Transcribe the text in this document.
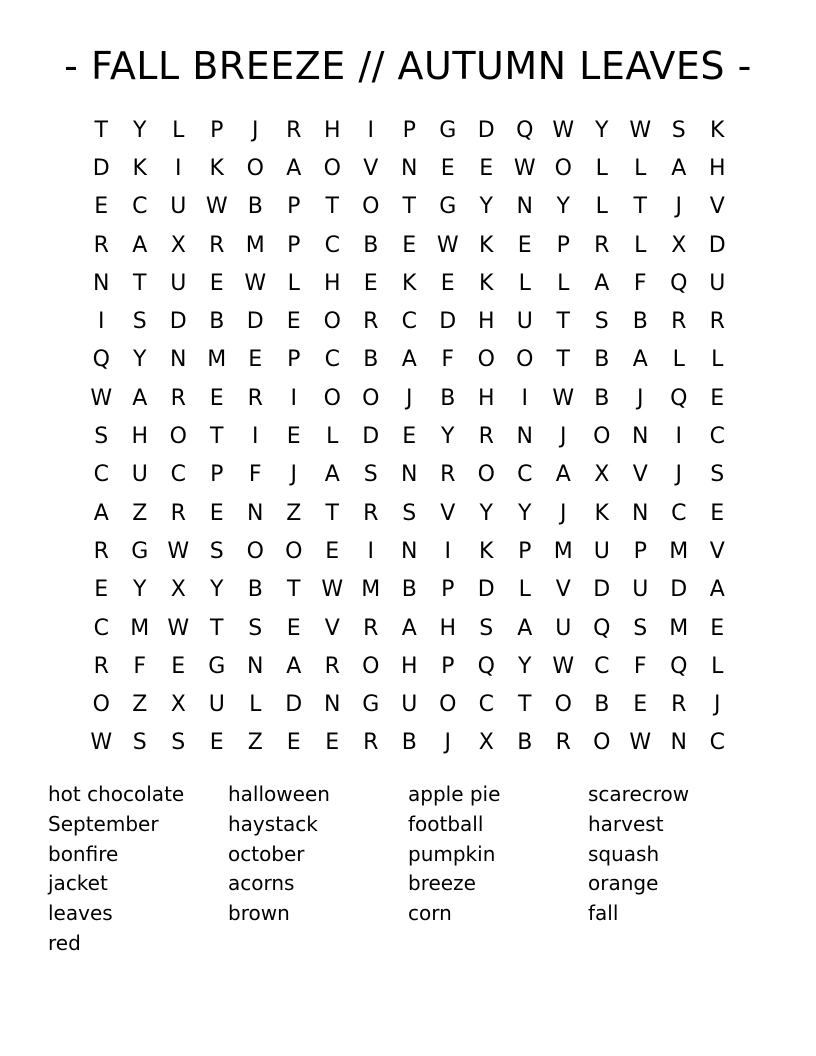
- FALL BREEZE // AUTUMN LEAVES -
T	Y	L	P	J	R	H	I	P	G D Q W Y W S	K
D	K	I	K	O	A	O	V	N	E	E W O	L	L	A	H
E	C	U W B	P	T	O	T	G	Y	N	Y	L	T	J	V
R	A	X	R M	P	C	B	E W K	E	P	R	L	X	D
N	T	U	E W L	H	E	K	E	K	L	L	A	F	Q U
I	S	D	B	D	E	O	R	C	D H	U	T	S	B	R	R
Q	Y	N M	E	P	C	B	A	F	O O	T	B	A	L	L
W A	R	E	R	I	O O	J	B	H	I	W B	J	Q	E
S	H O	T	I	E	L	D	E	Y	R	N	J	O N	I	C
C	U	C	P	F	J	A	S	N	R	O	C	A	X	V	J	S
A	Z	R	E	N	Z	T	R	S	V	Y	Y	J	K	N	C	E
R	G W S	O O	E	I	N	I	K	P	M U	P	M V
E	Y	X	Y	B	T W M B	P	D	L	V	D U D	A
C M W T	S	E	V	R	A	H	S	A	U Q	S	M	E
R	F	E	G N	A	R	O H	P	Q	Y W C	F	Q	L
O	Z	X	U	L	D N G U O	C	T	O	B	E	R	J
W S	S	E	Z	E	E	R	B	J	X	B	R	O W N	C
hot chocolate	halloween	apple pie	scarecrow
September	haystack	football	harvest
bonfire	october	pumpkin	squash
jacket	acorns	breeze	orange
leaves	brown	corn	fall
red
